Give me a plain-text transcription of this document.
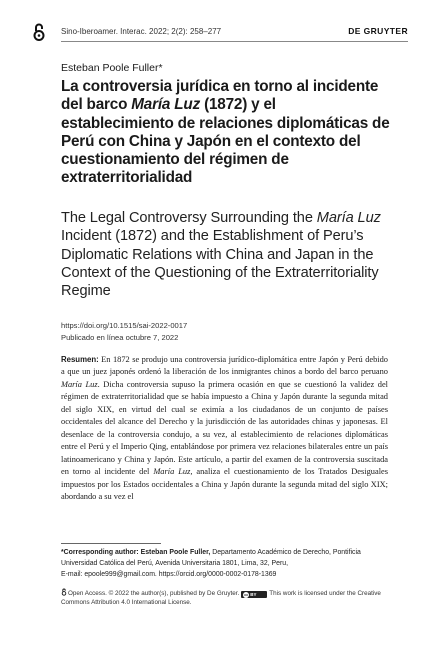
Sino-Iberoamer. Interac. 2022; 2(2): 258–277	DE GRUYTER
Esteban Poole Fuller*
La controversia jurídica en torno al incidente del barco María Luz (1872) y el establecimiento de relaciones diplomáticas de Perú con China y Japón en el contexto del cuestionamiento del régimen de extraterritorialidad
The Legal Controversy Surrounding the María Luz Incident (1872) and the Establishment of Peru’s Diplomatic Relations with China and Japan in the Context of the Questioning of the Extraterritoriality Regime
https://doi.org/10.1515/sai-2022-0017
Publicado en línea octubre 7, 2022
Resumen: En 1872 se produjo una controversia jurídico-diplomática entre Japón y Perú debido a que un juez japonés ordenó la liberación de los inmigrantes chinos a bordo del barco peruano María Luz. Dicha controversia supuso la primera ocasión en que se cuestionó la validez del régimen de extraterritorialidad que se había impuesto a China y Japón durante la segunda mitad del siglo XIX, en virtud del cual se eximía a los ciudadanos de un conjunto de países occidentales del alcance del Derecho y la jurisdicción de las autoridades chinas y japonesas. El desenlace de la controversia condujo, a su vez, al establecimiento de relaciones diplomáticas entre el Perú y el Imperio Qing, entablándose por primera vez relaciones bilaterales entre un país latinoamericano y China y Japón. Este artículo, a partir del examen de la controversia suscitada en torno al incidente del María Luz, analiza el cuestionamiento de los Tratados Desiguales impuestos por los Estados occidentales a China y Japón durante la segunda mitad del siglo XIX; abordando a su vez el
*Corresponding author: Esteban Poole Fuller, Departamento Académico de Derecho, Pontificia Universidad Católica del Perú, Avenida Universitaria 1801, Lima, 32, Peru,
E-mail: epoole999@gmail.com. https://orcid.org/0000-0002-0178-1369
Open Access. © 2022 the author(s), published by De Gruyter. cc BY This work is licensed under the Creative Commons Attribution 4.0 International License.
